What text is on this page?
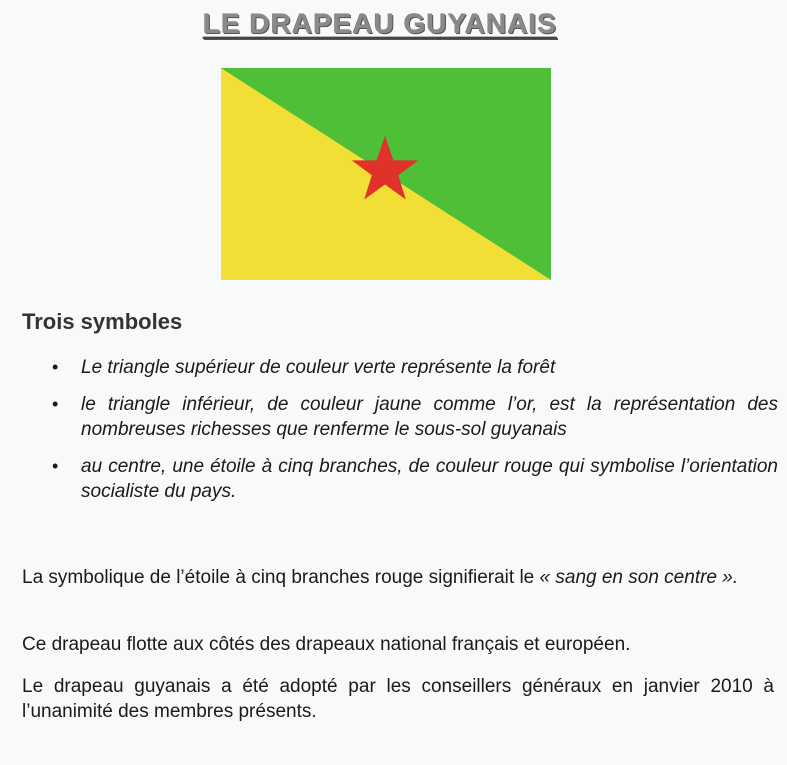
LE DRAPEAU GUYANAIS
Trois symboles
• Le triangle supérieur de couleur verte représente la forêt
• le triangle inférieur, de couleur jaune comme l’or, est la représentation des nombreuses richesses que renferme le sous-sol guyanais
• au centre, une étoile à cinq branches, de couleur rouge qui symbolise l’orientation socialiste du pays.
La symbolique de l’étoile à cinq branches rouge signifierait le « sang en son centre ».
Ce drapeau flotte aux côtés des drapeaux national français et européen.
Le drapeau guyanais a été adopté par les conseillers généraux en janvier 2010 à l’unanimité des membres présents.
